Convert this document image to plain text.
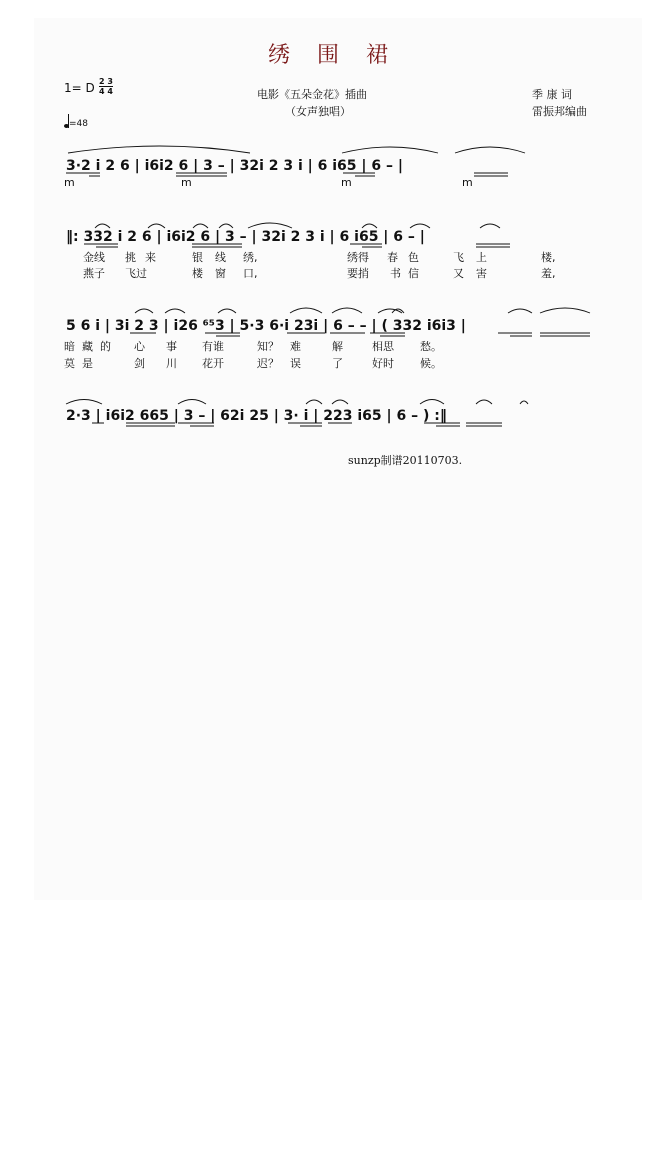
绣 围 裙
1= D 2 3
4 4
=48
电影《五朵金花》插曲
（女声独唱）
季 康 词
雷振邦编曲
3·2 i 2 6 | i6i2 6 | 3 – | 32i 2 3 i | 6 i65 | 6 – |
m	m	m	m
‖: 332 i 2 6 | i6i2 6 | 3 – | 32i 2 3 i | 6 i65 | 6 – |
金线 挑 来	银 线 绣,	绣得 春 色	飞 上	楼,
燕子 飞过	楼 窗 口,	要捎 书 信	又 害	羞,
5 6 i | 3i 2 3 | i26 ⁶⁵3 | 5·3 6·i 23i | 6 – – | ( 332 i6i3 |
暗 藏 的 心 事 有谁	知？ 难	解	相思 愁。
莫 是	剑 川 花开	迟？ 误	了	好时 候。
2·3 | i6i2 665 | 3 – | 62i 25 | 3· i | 223 i65 | 6 – ) :‖
sunzp制谱20110703.
